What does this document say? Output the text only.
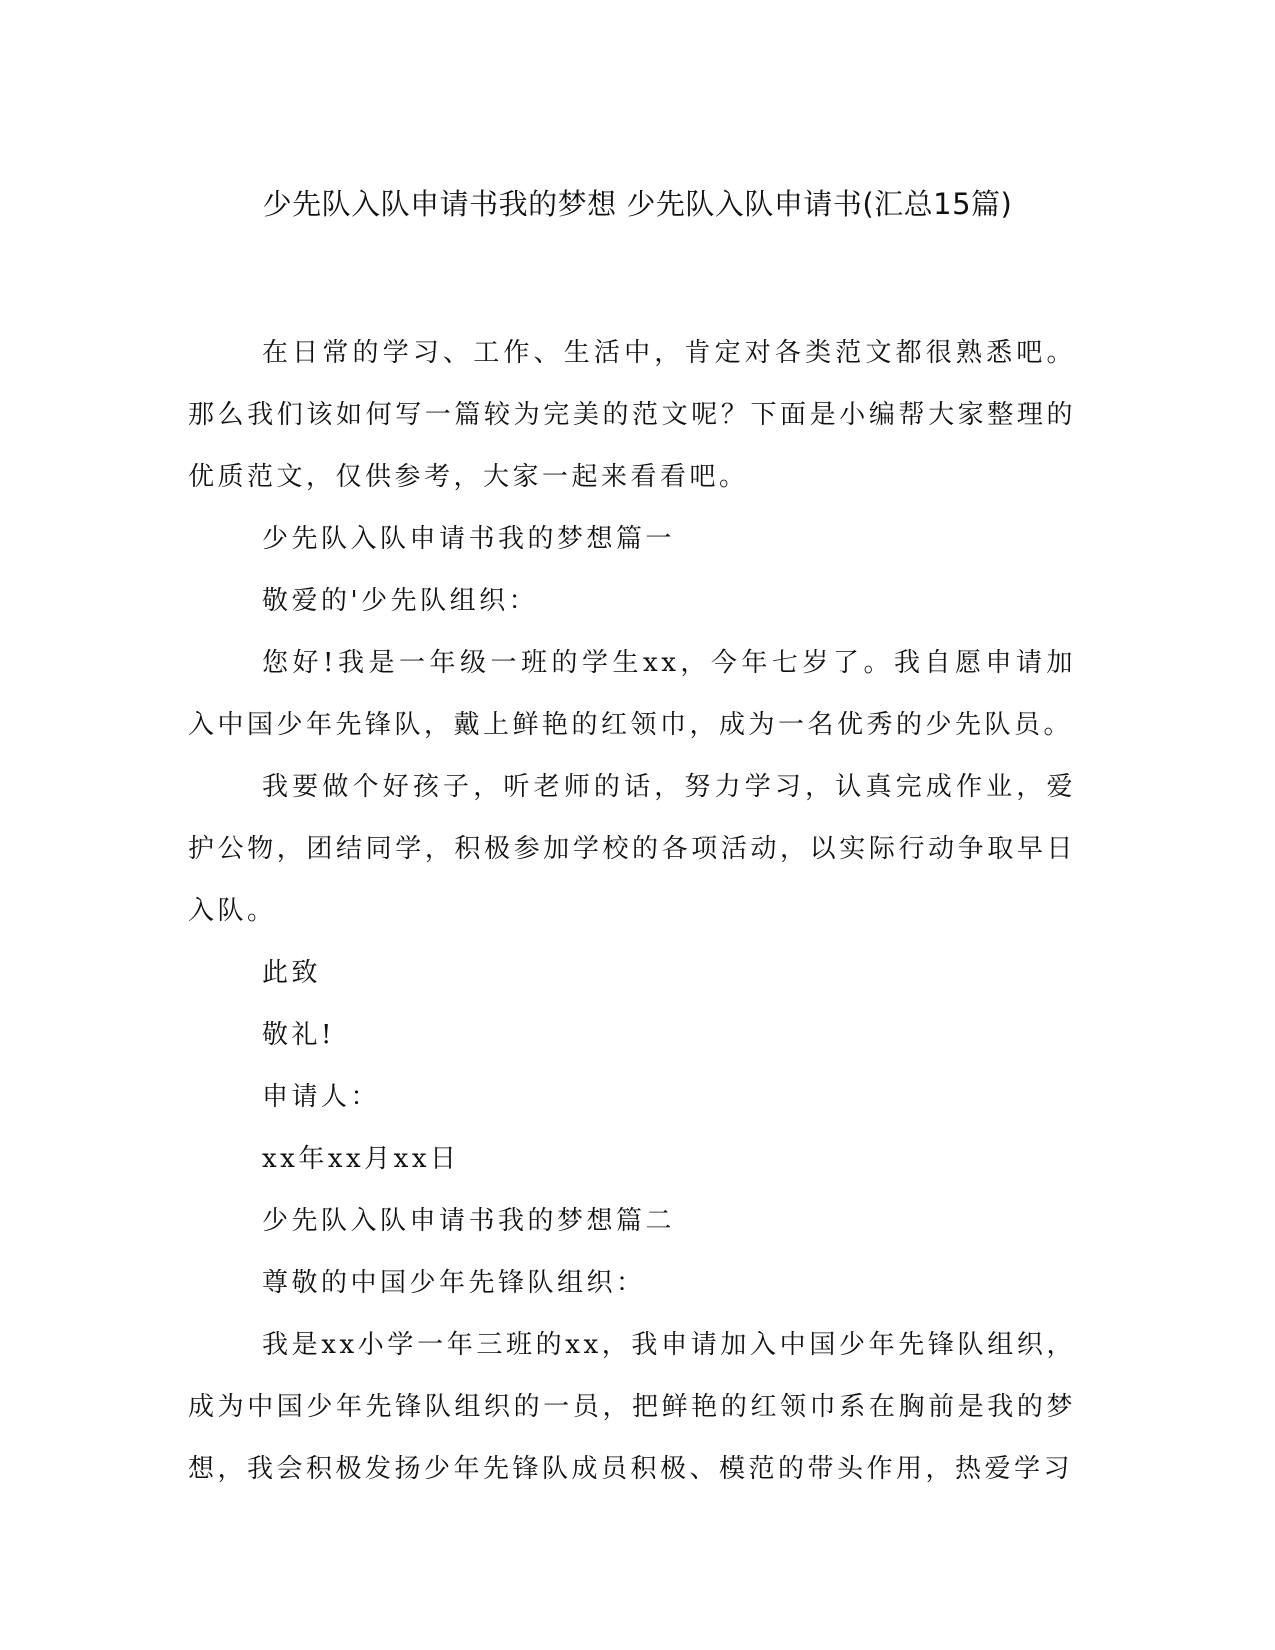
少先队入队申请书我的梦想 少先队入队申请书(汇总15篇)

在日常的学习、工作、生活中，肯定对各类范文都很熟悉吧。那么我们该如何写一篇较为完美的范文呢？下面是小编帮大家整理的优质范文，仅供参考，大家一起来看看吧。

少先队入队申请书我的梦想篇一

敬爱的'少先队组织：

您好!我是一年级一班的学生xx，今年七岁了。我自愿申请加入中国少年先锋队，戴上鲜艳的红领巾，成为一名优秀的少先队员。

我要做个好孩子，听老师的话，努力学习，认真完成作业，爱护公物，团结同学，积极参加学校的各项活动，以实际行动争取早日入队。

此致

敬礼!

申请人：

xx年xx月xx日

少先队入队申请书我的梦想篇二

尊敬的中国少年先锋队组织：

我是xx小学一年三班的xx，我申请加入中国少年先锋队组织，成为中国少年先锋队组织的一员，把鲜艳的红领巾系在胸前是我的梦想，我会积极发扬少年先锋队成员积极、模范的带头作用，热爱学习
